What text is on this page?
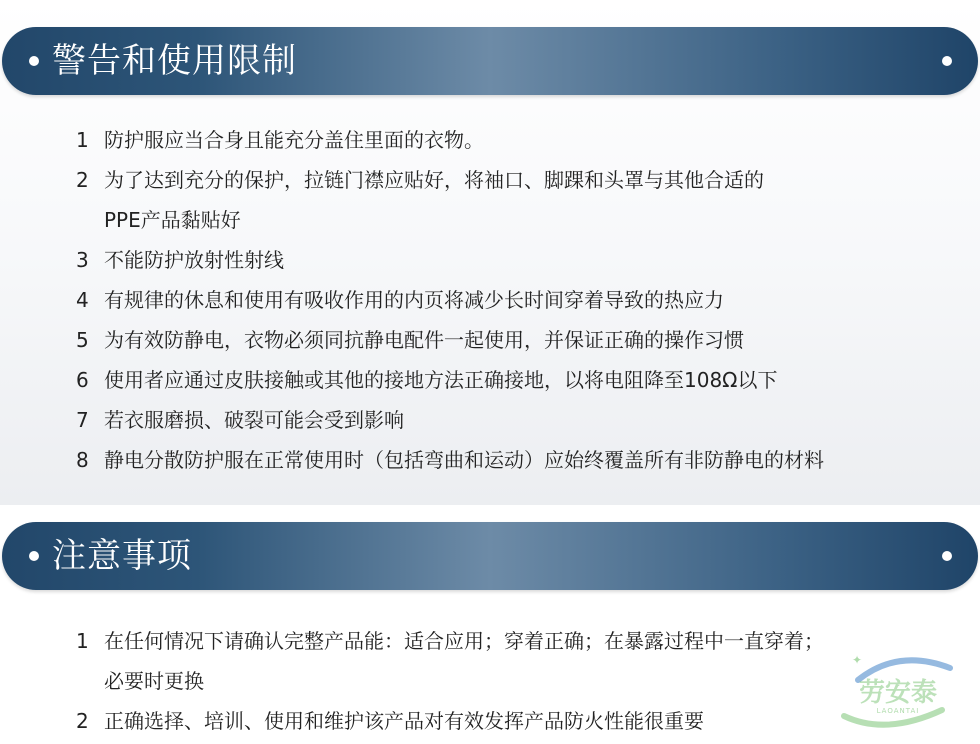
警告和使用限制
1 防护服应当合身且能充分盖住里面的衣物。
2 为了达到充分的保护，拉链门襟应贴好，将袖口、脚踝和头罩与其他合适的
PPE产品黏贴好
3 不能防护放射性射线
4 有规律的休息和使用有吸收作用的内页将减少长时间穿着导致的热应力
5 为有效防静电，衣物必须同抗静电配件一起使用，并保证正确的操作习惯
6 使用者应通过皮肤接触或其他的接地方法正确接地，以将电阻降至108Ω以下
7 若衣服磨损、破裂可能会受到影响
8 静电分散防护服在正常使用时（包括弯曲和运动）应始终覆盖所有非防静电的材料
注意事项
1 在任何情况下请确认完整产品能：适合应用；穿着正确；在暴露过程中一直穿着；
必要时更换
2 正确选择、培训、使用和维护该产品对有效发挥产品防火性能很重要
✦
劳安泰
LAOANTAI
